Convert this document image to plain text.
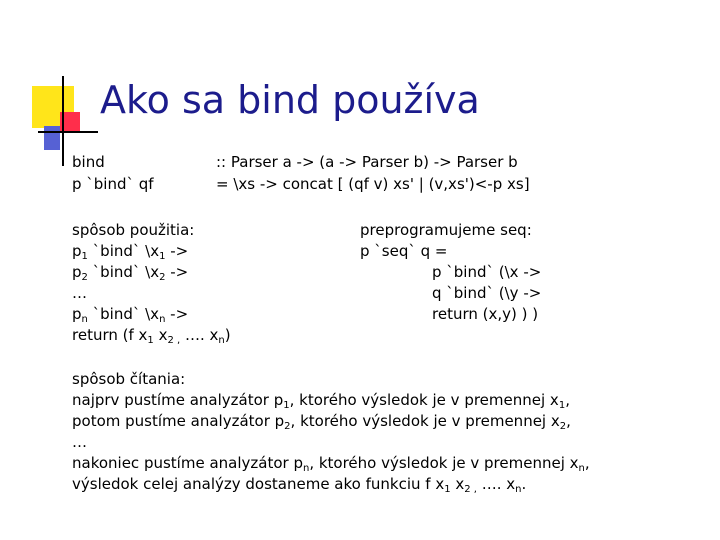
Ako sa bind používa
bind	:: Parser a -> (a -> Parser b) -> Parser b
p `bind` qf	= \xs -> concat [ (qf v) xs' | (v,xs')<-p xs]
spôsob použitia:
$p_1$ `bind` $\backslash x_1$ ->
$p_2$ `bind` $\backslash x_2$ ->
…
$p_n$ `bind` $\backslash x_n$ ->
return (f $x_1$ $x_{2 ,}$ …. $x_n$)
preprogramujeme seq:
p `seq` q =
p `bind` (\x ->
q `bind` (\y ->
return (x,y) ) )
spôsob čítania:
najprv pustíme analyzátor $p_1$, ktorého výsledok je v premennej $x_1$,
potom pustíme analyzátor $p_2$, ktorého výsledok je v premennej $x_2$,
…
nakoniec pustíme analyzátor $p_n$, ktorého výsledok je v premennej $x_n$,
výsledok celej analýzy dostaneme ako funkciu f $x_1$ $x_{2 ,}$ …. $x_n$.
